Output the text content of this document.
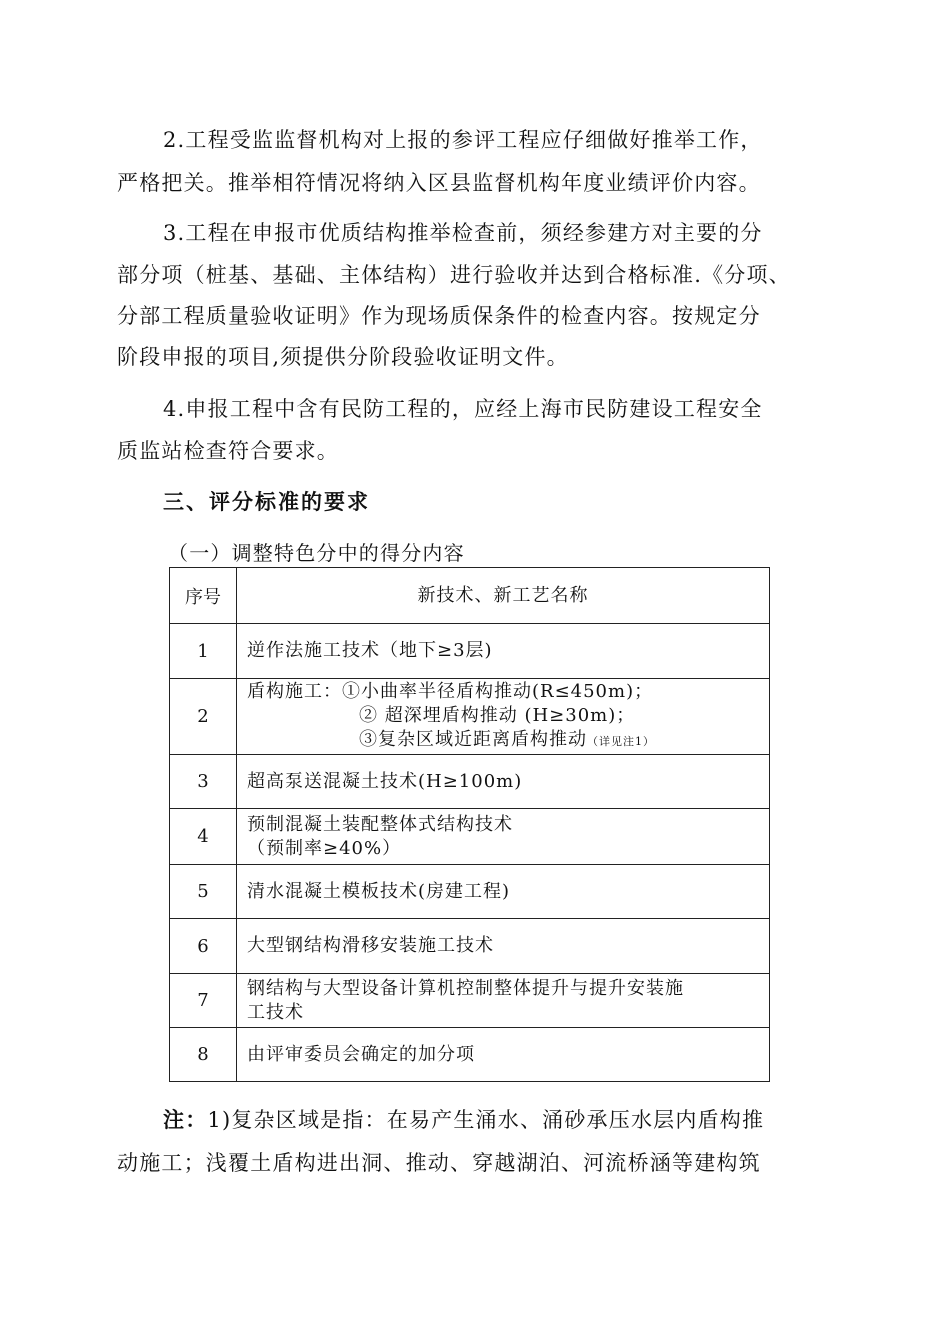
2.工程受监监督机构对上报的参评工程应仔细做好推举工作，
严格把关。推举相符情况将纳入区县监督机构年度业绩评价内容。
3.工程在申报市优质结构推举检查前，须经参建方对主要的分
部分项（桩基、基础、主体结构）进行验收并达到合格标准.《分项、
分部工程质量验收证明》作为现场质保条件的检查内容。按规定分
阶段申报的项目,须提供分阶段验收证明文件。
4.申报工程中含有民防工程的，应经上海市民防建设工程安全
质监站检查符合要求。
三、评分标准的要求
（一）调整特色分中的得分内容
序号	新技术、新工艺名称
1	逆作法施工技术（地下≥3层)
2	盾构施工：①小曲率半径盾构推动(R≤450m)；
② 超深埋盾构推动 (H≥30m)；
③复杂区域近距离盾构推动（详见注1）

3	超高泵送混凝土技术(H≥100m)
4	预制混凝土装配整体式结构技术
（预制率≥40%）

5	清水混凝土模板技术(房建工程)
6	大型钢结构滑移安装施工技术
7	钢结构与大型设备计算机控制整体提升与提升安装施
工技术

8	由评审委员会确定的加分项
注：1)复杂区域是指：在易产生涌水、涌砂承压水层内盾构推
动施工；浅覆土盾构进出洞、推动、穿越湖泊、河流桥涵等建构筑
